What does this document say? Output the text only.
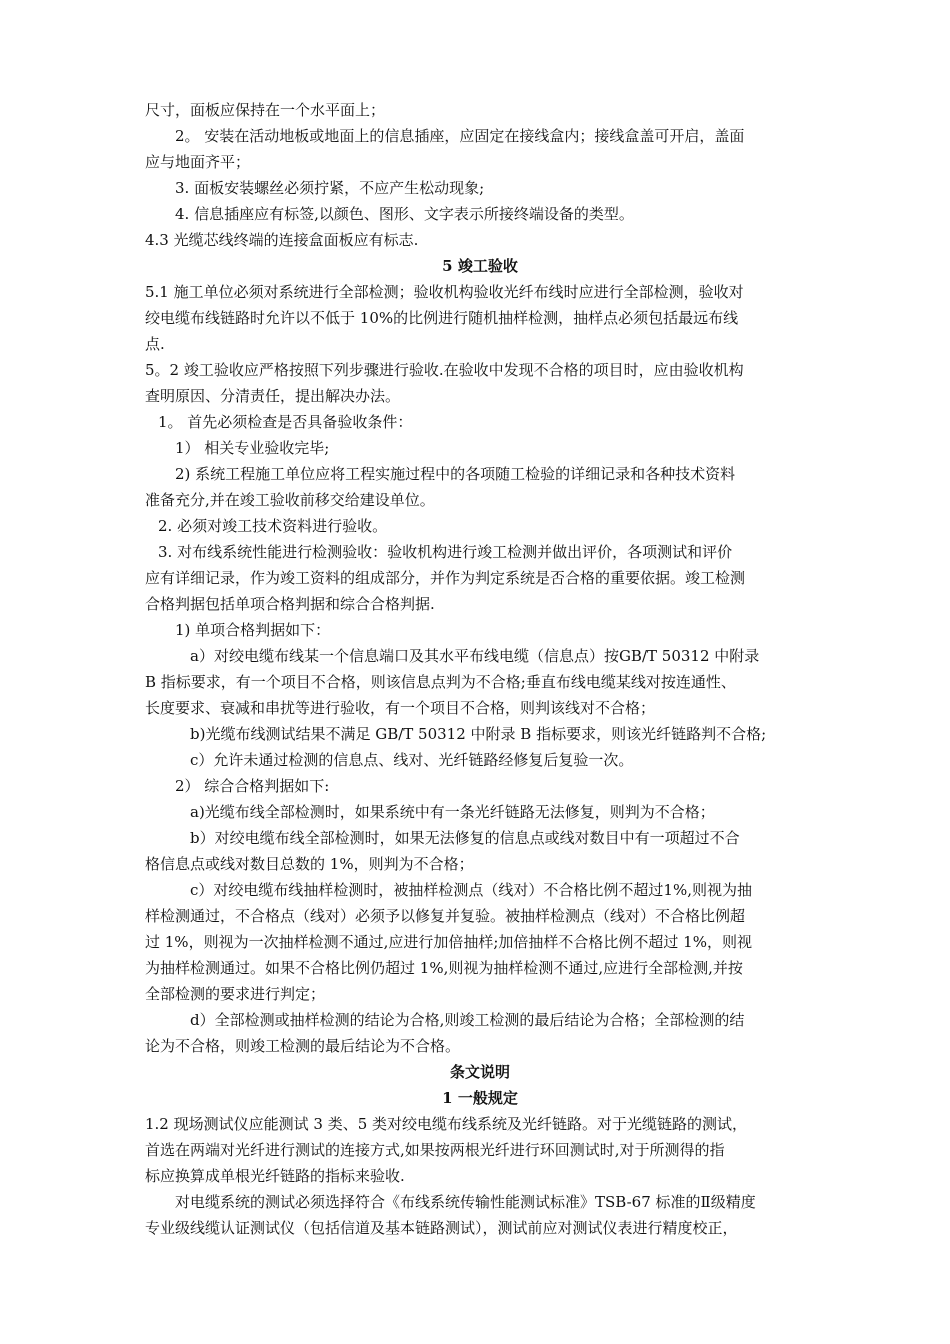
尺寸，面板应保持在一个水平面上；
2。 安装在活动地板或地面上的信息插座，应固定在接线盒内；接线盒盖可开启，盖面
应与地面齐平；
3. 面板安装螺丝必须拧紧，不应产生松动现象;
4. 信息插座应有标签,以颜色、图形、文字表示所接终端设备的类型。
4.3 光缆芯线终端的连接盒面板应有标志.
5 竣工验收
5.1 施工单位必须对系统进行全部检测；验收机构验收光纤布线时应进行全部检测，验收对
绞电缆布线链路时允许以不低于 10%的比例进行随机抽样检测，抽样点必须包括最远布线
点.
5。2 竣工验收应严格按照下列步骤进行验收.在验收中发现不合格的项目时，应由验收机构
查明原因、分清责任，提出解决办法。
1。 首先必须检查是否具备验收条件：
1） 相关专业验收完毕;
2) 系统工程施工单位应将工程实施过程中的各项随工检验的详细记录和各种技术资料
准备充分,并在竣工验收前移交给建设单位。
2. 必须对竣工技术资料进行验收。
3. 对布线系统性能进行检测验收：验收机构进行竣工检测并做出评价，各项测试和评价
应有详细记录，作为竣工资料的组成部分，并作为判定系统是否合格的重要依据。竣工检测
合格判据包括单项合格判据和综合合格判据.
1) 单项合格判据如下：
a）对绞电缆布线某一个信息端口及其水平布线电缆（信息点）按GB/T 50312 中附录
B 指标要求，有一个项目不合格，则该信息点判为不合格;垂直布线电缆某线对按连通性、
长度要求、衰减和串扰等进行验收，有一个项目不合格，则判该线对不合格；
b)光缆布线测试结果不满足 GB/T 50312 中附录 B 指标要求，则该光纤链路判不合格;
c）允许未通过检测的信息点、线对、光纤链路经修复后复验一次。
2） 综合合格判据如下:
a)光缆布线全部检测时，如果系统中有一条光纤链路无法修复，则判为不合格；
b）对绞电缆布线全部检测时，如果无法修复的信息点或线对数目中有一项超过不合
格信息点或线对数目总数的 1%，则判为不合格；
c）对绞电缆布线抽样检测时，被抽样检测点（线对）不合格比例不超过1%,则视为抽
样检测通过，不合格点（线对）必须予以修复并复验。被抽样检测点（线对）不合格比例超
过 1%，则视为一次抽样检测不通过,应进行加倍抽样;加倍抽样不合格比例不超过 1%，则视
为抽样检测通过。如果不合格比例仍超过 1%,则视为抽样检测不通过,应进行全部检测,并按
全部检测的要求进行判定；
d）全部检测或抽样检测的结论为合格,则竣工检测的最后结论为合格；全部检测的结
论为不合格，则竣工检测的最后结论为不合格。
条文说明
1 一般规定
1.2 现场测试仪应能测试 3 类、5 类对绞电缆布线系统及光纤链路。对于光缆链路的测试，
首选在两端对光纤进行测试的连接方式,如果按两根光纤进行环回测试时,对于所测得的指
标应换算成单根光纤链路的指标来验收.
对电缆系统的测试必须选择符合《布线系统传输性能测试标准》TSB-67 标准的Ⅱ级精度
专业级线缆认证测试仪（包括信道及基本链路测试），测试前应对测试仪表进行精度校正，
